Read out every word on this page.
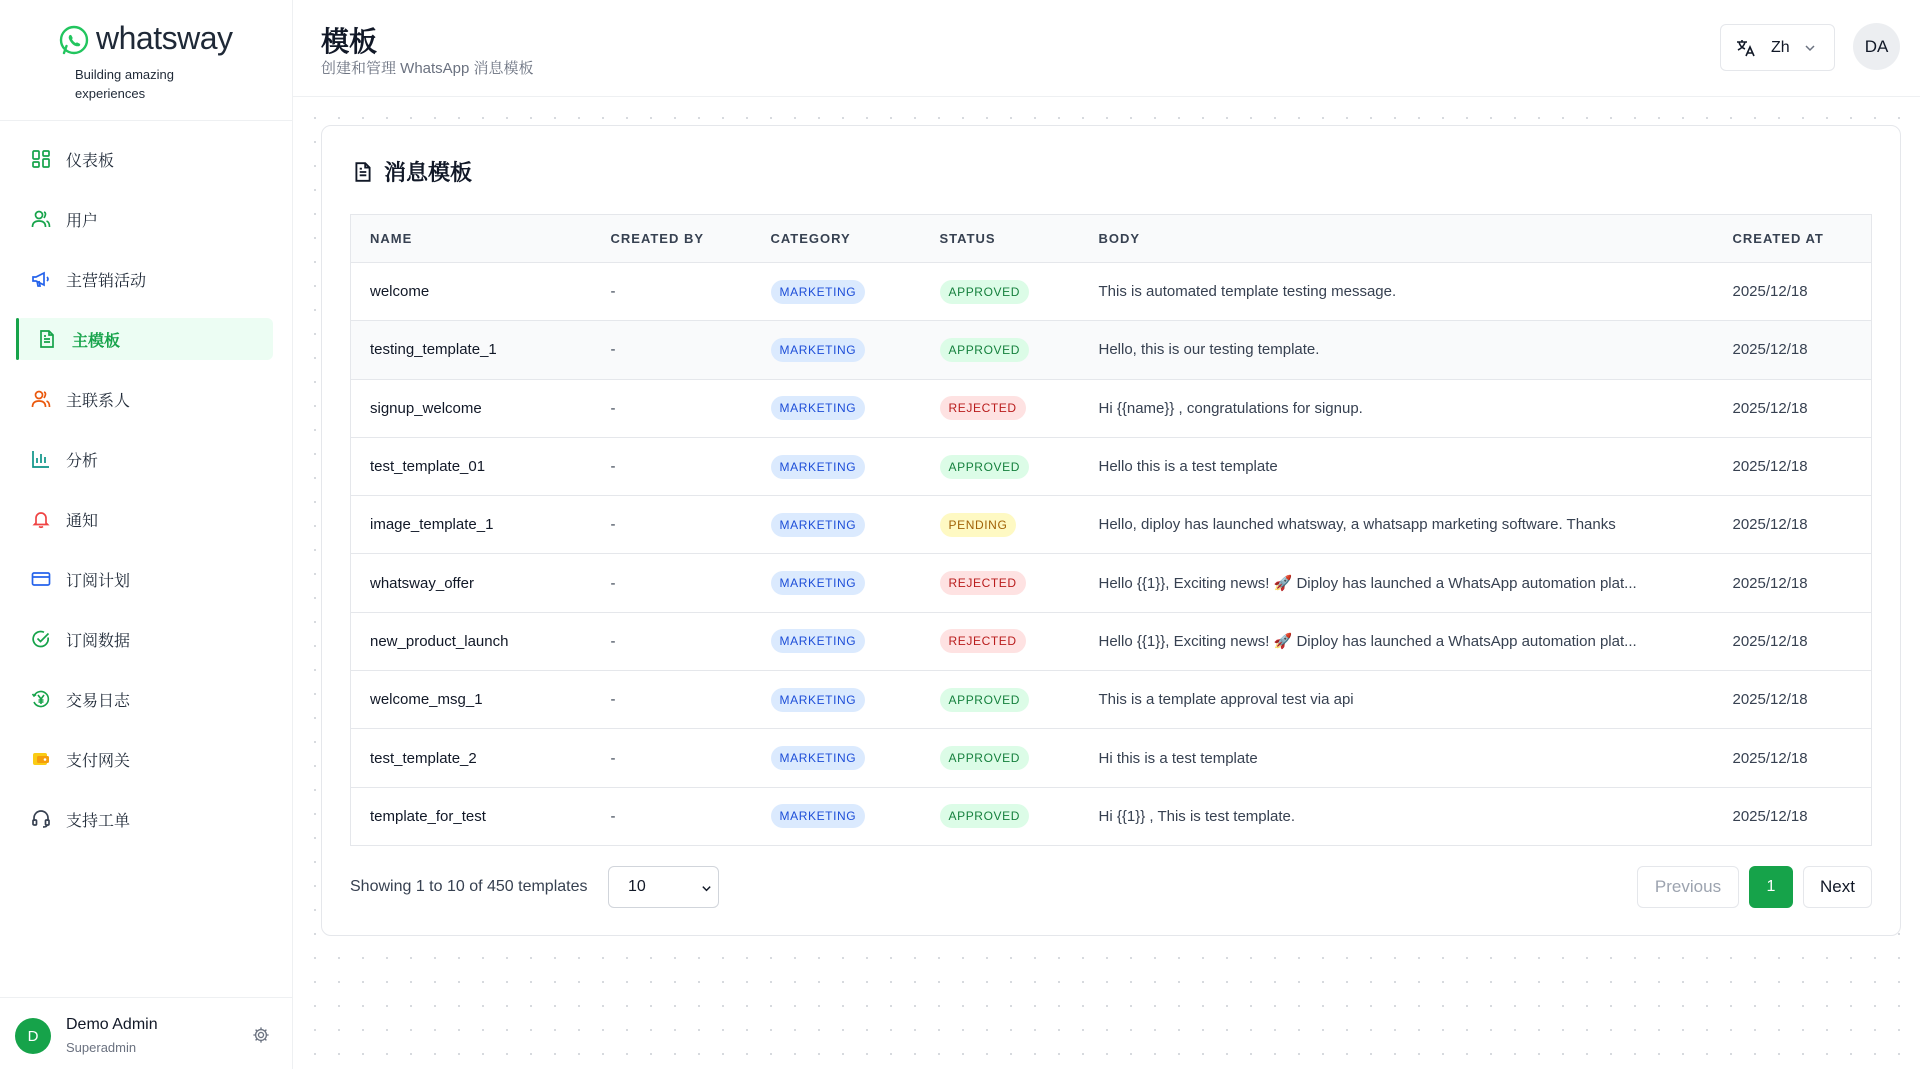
whatsway
Building amazing experiences
仪表板
用户
主营销活动
主模板
主联系人
分析
通知
订阅计划
订阅数据
交易日志
支付网关
支持工单
D
Demo Admin
Superadmin
模板
创建和管理 WhatsApp 消息模板
Zh	DA
消息模板
NAME	CREATED BY	CATEGORY	STATUS	BODY	CREATED AT
welcome	-	MARKETING	APPROVED	This is automated template testing message.	2025/12/18
testing_template_1	-	MARKETING	APPROVED	Hello, this is our testing template.	2025/12/18
signup_welcome	-	MARKETING	REJECTED	Hi {{name}} , congratulations for signup.	2025/12/18
test_template_01	-	MARKETING	APPROVED	Hello this is a test template	2025/12/18
image_template_1	-	MARKETING	PENDING	Hello, diploy has launched whatsway, a whatsapp marketing software. Thanks	2025/12/18
whatsway_offer	-	MARKETING	REJECTED	Hello {{1}}, Exciting news! 🚀 Diploy has launched a WhatsApp automation plat...	2025/12/18
new_product_launch	-	MARKETING	REJECTED	Hello {{1}}, Exciting news! 🚀 Diploy has launched a WhatsApp automation plat...	2025/12/18
welcome_msg_1	-	MARKETING	APPROVED	This is a template approval test via api	2025/12/18
test_template_2	-	MARKETING	APPROVED	Hi this is a test template	2025/12/18
template_for_test	-	MARKETING	APPROVED	Hi {{1}} , This is test template.	2025/12/18
Showing 1 to 10 of 450 templates	10	Previous	1	Next
